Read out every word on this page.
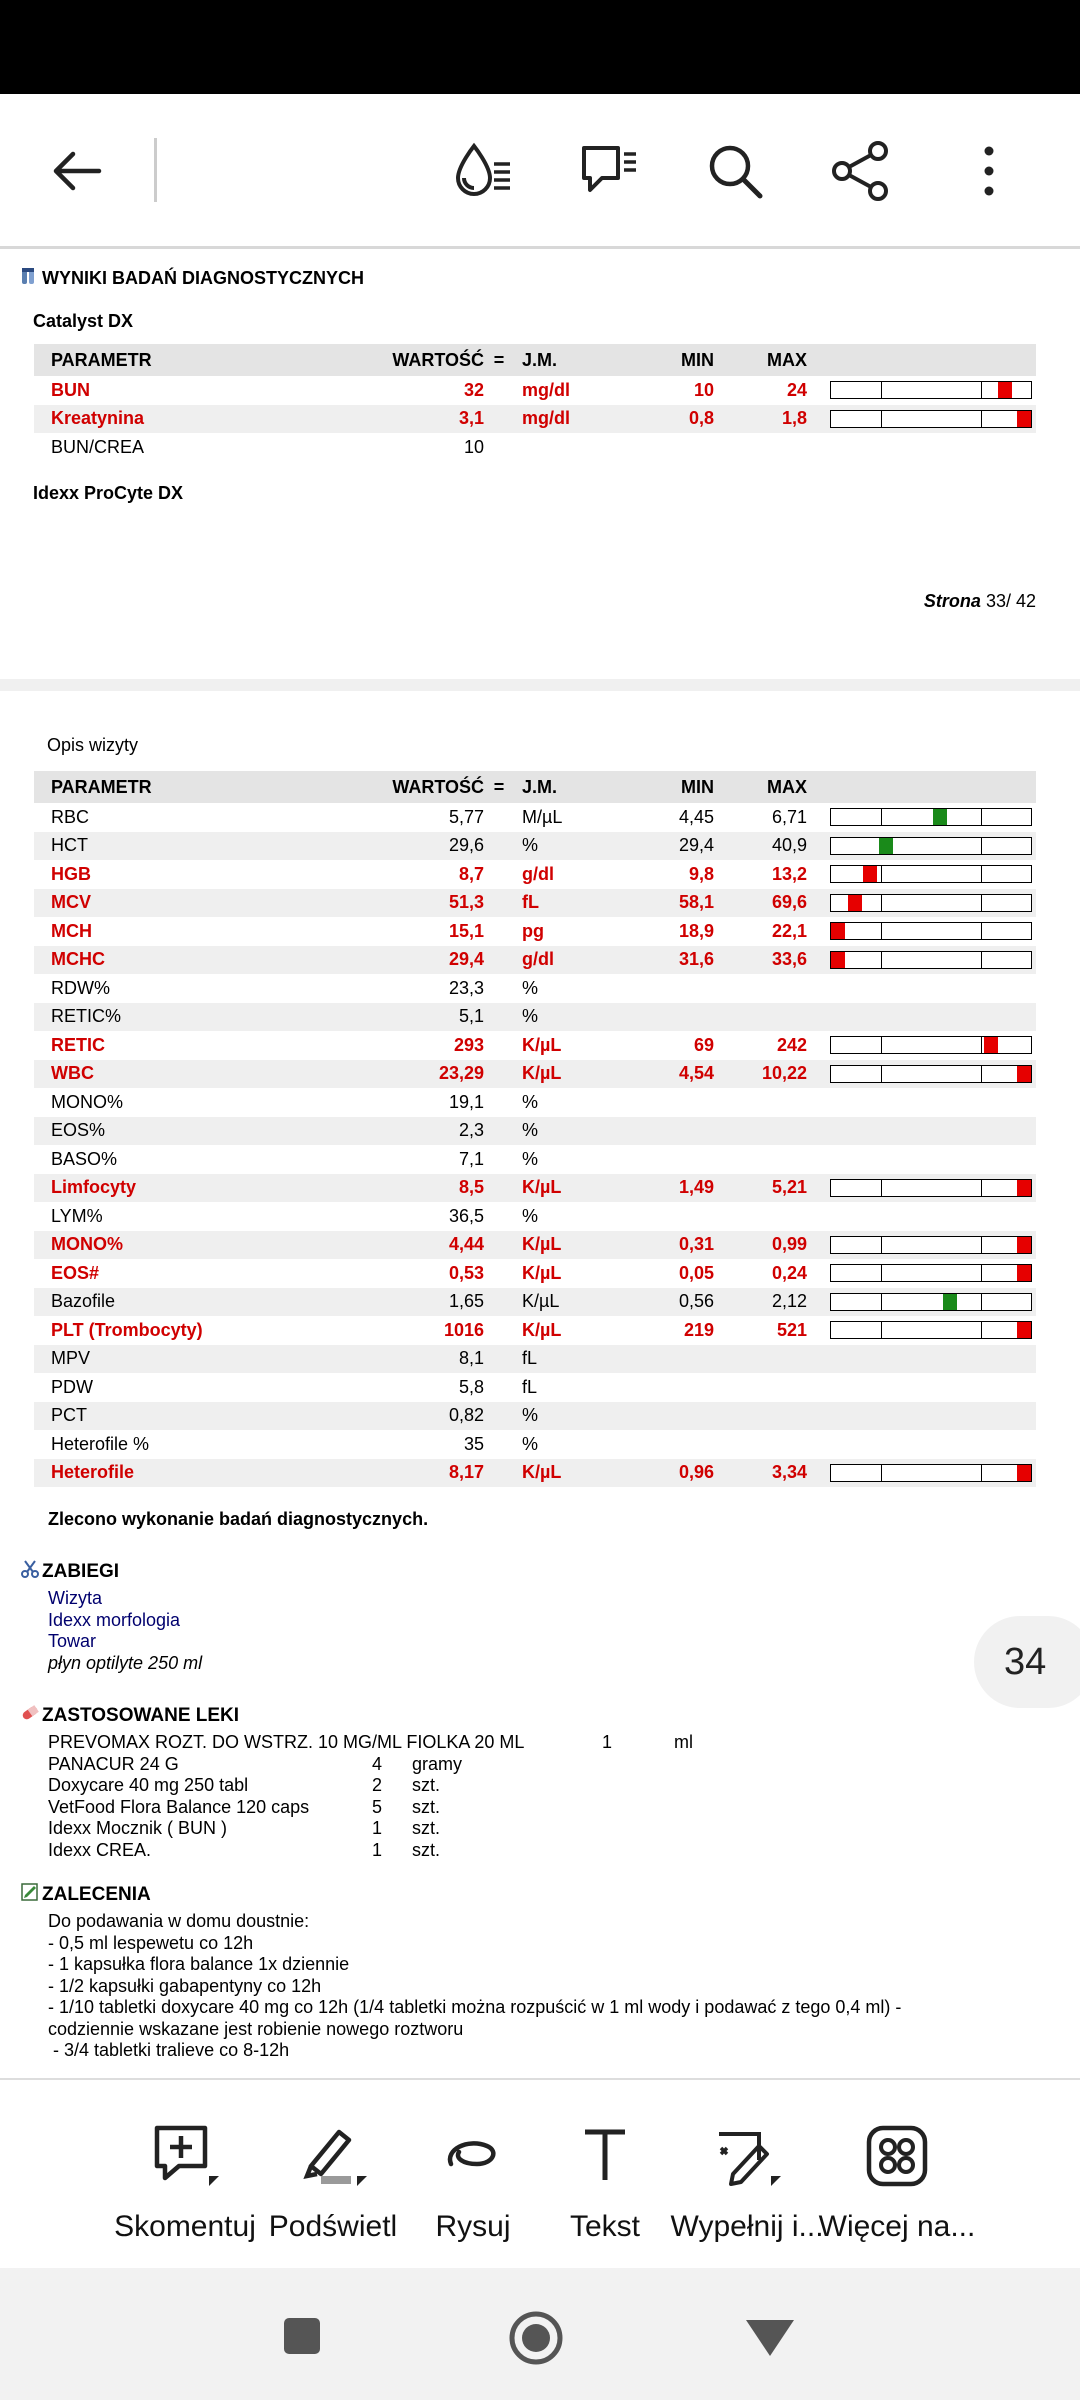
WYNIKI BADAŃ DIAGNOSTYCZNYCH
Catalyst DX
PARAMETR	WARTOŚĆ	=	J.M.	MIN	MAX		
BUN	32		mg/dl	10	24		

Kreatynina	3,1		mg/dl	0,8	1,8		

BUN/CREA	10						
Idexx ProCyte DX
Strona 33/ 42
Opis wizyty
PARAMETR	WARTOŚĆ	=	J.M.	MIN	MAX		
RBC	5,77		M/µL	4,45	6,71		

HCT	29,6		%	29,4	40,9		

HGB	8,7		g/dl	9,8	13,2		

MCV	51,3		fL	58,1	69,6		

MCH	15,1		pg	18,9	22,1		

MCHC	29,4		g/dl	31,6	33,6		

RDW%	23,3		%				
RETIC%	5,1		%				
RETIC	293		K/µL	69	242		

WBC	23,29		K/µL	4,54	10,22		

MONO%	19,1		%				
EOS%	2,3		%				
BASO%	7,1		%				
Limfocyty	8,5		K/µL	1,49	5,21		

LYM%	36,5		%				
MONO%	4,44		K/µL	0,31	0,99		

EOS#	0,53		K/µL	0,05	0,24		

Bazofile	1,65		K/µL	0,56	2,12		

PLT (Trombocyty)	1016		K/µL	219	521		

MPV	8,1		fL				
PDW	5,8		fL				
PCT	0,82		%				
Heterofile %	35		%				
Heterofile	8,17		K/µL	0,96	3,34		
Zlecono wykonanie badań diagnostycznych.
ZABIEGI
Wizyta
Idexx morfologia
Towar
płyn optilyte 250 ml
ZASTOSOWANE LEKI
PREVOMAX ROZT. DO WSTRZ. 10 MG/ML FIOLKA 20 ML	1	ml
PANACUR 24 G	4 gramy
Doxycare 40 mg 250 tabl	2 szt.
VetFood Flora Balance 120 caps	5 szt.
Idexx Mocznik ( BUN )	1 szt.
Idexx CREA.	1 szt.
ZALECENIA
Do podawania w domu doustnie:
- 0,5 ml lespewetu co 12h
- 1 kapsułka flora balance 1x dziennie
- 1/2 kapsułki gabapentyny co 12h
- 1/10 tabletki doxycare 40 mg co 12h (1/4 tabletki można rozpuścić w 1 ml wody i podawać z tego 0,4 ml) -
codziennie wskazane jest robienie nowego roztworu
- 3/4 tabletki tralieve co 8-12h
34
Skomentuj Podświetl Rysuj Tekst Wypełnij i...
Więcej na...
